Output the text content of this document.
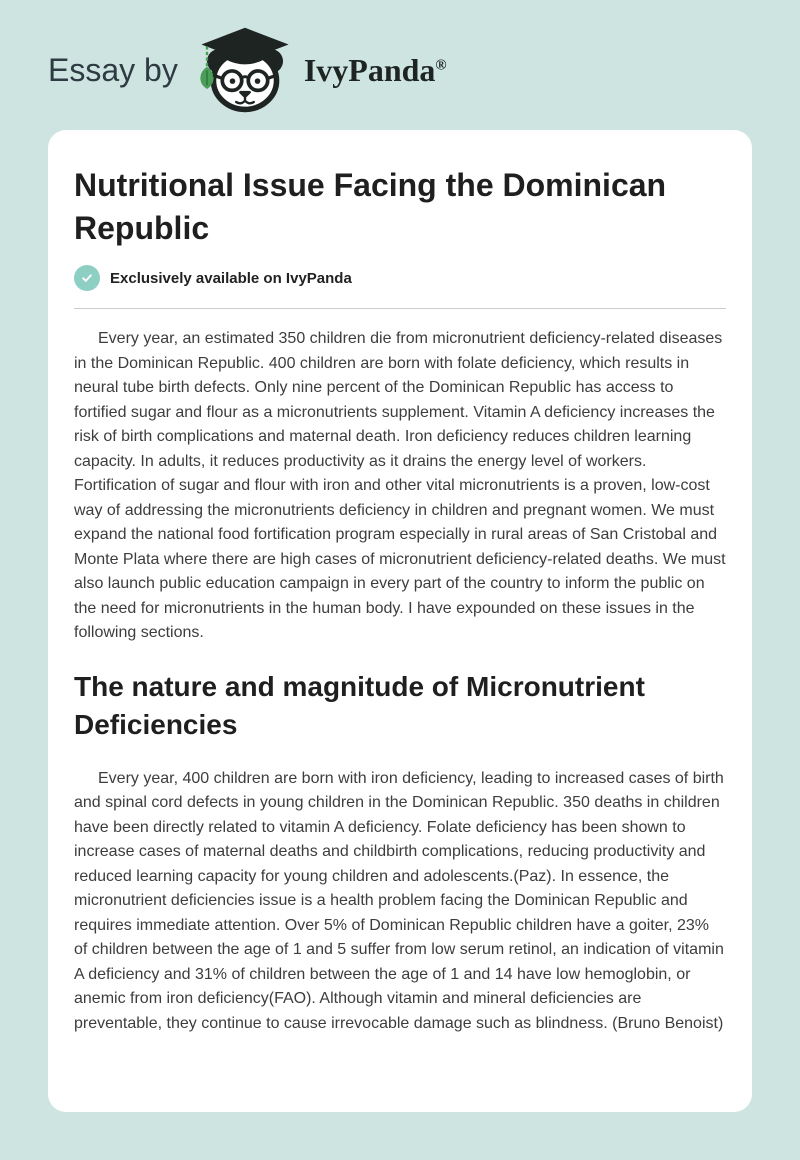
Essay by	IvyPanda®
Nutritional Issue Facing the Dominican Republic
Exclusively available on IvyPanda

Every year, an estimated 350 children die from micronutrient deficiency-related diseases in the Dominican Republic. 400 children are born with folate deficiency, which results in neural tube birth defects. Only nine percent of the Dominican Republic has access to fortified sugar and flour as a micronutrients supplement. Vitamin A deficiency increases the risk of birth complications and maternal death. Iron deficiency reduces children learning capacity. In adults, it reduces productivity as it drains the energy level of workers. Fortification of sugar and flour with iron and other vital micronutrients is a proven, low-cost way of addressing the micronutrients deficiency in children and pregnant women. We must expand the national food fortification program especially in rural areas of San Cristobal and Monte Plata where there are high cases of micronutrient deficiency-related deaths. We must also launch public education campaign in every part of the country to inform the public on the need for micronutrients in the human body. I have expounded on these issues in the following sections.

The nature and magnitude of Micronutrient Deficiencies

Every year, 400 children are born with iron deficiency, leading to increased cases of birth and spinal cord defects in young children in the Dominican Republic. 350 deaths in children have been directly related to vitamin A deficiency. Folate deficiency has been shown to increase cases of maternal deaths and childbirth complications, reducing productivity and reduced learning capacity for young children and adolescents.(Paz). In essence, the micronutrient deficiencies issue is a health problem facing the Dominican Republic and requires immediate attention. Over 5% of Dominican Republic children have a goiter, 23% of children between the age of 1 and 5 suffer from low serum retinol, an indication of vitamin A deficiency and 31% of children between the age of 1 and 14 have low hemoglobin, or anemic from iron deficiency(FAO). Although vitamin and mineral deficiencies are preventable, they continue to cause irrevocable damage such as blindness. (Bruno Benoist)
